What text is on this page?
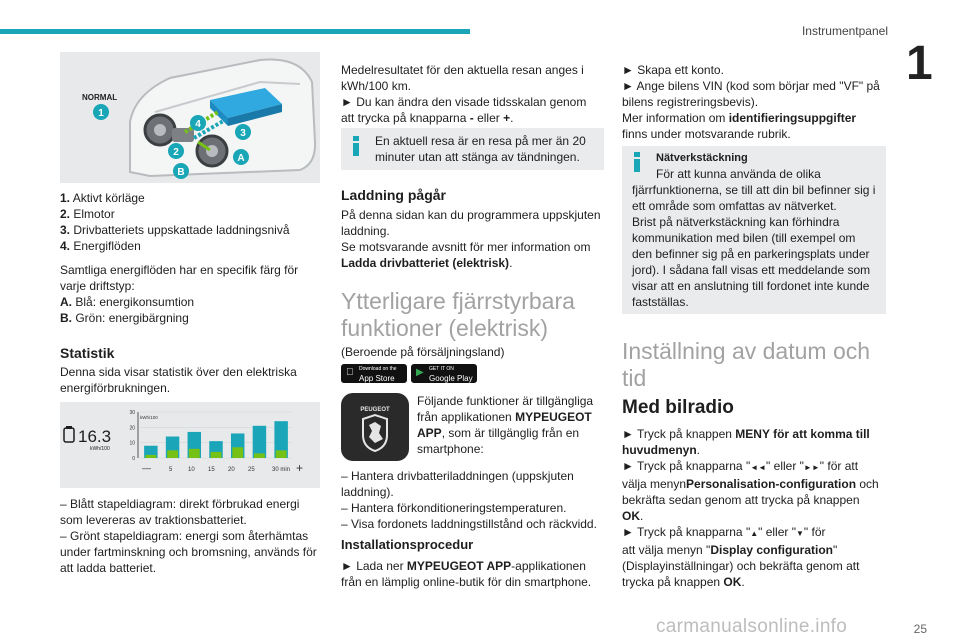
Instrumentpanel
1
NORMAL
1
4
3
2
A
B
1. Aktivt körläge
2. Elmotor
3. Drivbatteriets uppskattade laddningsnivå
4. Energiflöden
Samtliga energiflöden har en specifik färg för
varje driftstyp:
A. Blå: energikonsumtion
B. Grön: energibärgning
Statistik
Denna sida visar statistik över den elektriska
energiförbrukningen.
– Blått stapeldiagram: direkt förbrukad energi
som levereras av traktionsbatteriet.
– Grönt stapeldiagram: energi som återhämtas
under fartminskning och bromsning, används för
att ladda batteriet.
16.3
kWh/100
kWh/100
30
20
10
0
—	+
5	10 15 20 25	30 min
Medelresultatet för den aktuella resan anges i
kWh/100 km.
► Du kan ändra den visade tidsskalan genom
att trycka på knapparna - eller +.
En aktuell resa är en resa på mer än 20
minuter utan att stänga av tändningen.
Laddning pågår
På denna sidan kan du programmera uppskjuten
laddning.
Se motsvarande avsnitt för mer information om
Ladda drivbatteriet (elektrisk).
Ytterligare fjärrstyrbara
funktioner (elektrisk)
(Beroende på försäljningsland)
Följande funktioner är tillgängliga
från applikationen MYPEUGEOT
APP, som är tillgänglig från en
smartphone:
– Hantera drivbatteriladdningen (uppskjuten
laddning).
– Hantera förkonditioneringstemperaturen.
– Visa fordonets laddningstillstånd och räckvidd.
Installationsprocedur
► Lada ner MYPEUGEOT APP-applikationen
från en lämplig online-butik för din smartphone.
Download on the
App Store
▶ GET IT ON
Google Play
PEUGEOT
► Skapa ett konto.
► Ange bilens VIN (kod som börjar med "VF" på
bilens registreringsbevis).
Mer information om identifieringsuppgifter
finns under motsvarande rubrik.
Nätverkstäckning
För att kunna använda de olika
fjärrfunktionerna, se till att din bil befinner sig i
ett område som omfattas av nätverket.
Brist på nätverkstäckning kan förhindra
kommunikation med bilen (till exempel om
den befinner sig på en parkeringsplats under
jord). I sådana fall visas ett meddelande som
visar att en anslutning till fordonet inte kunde
fastställas.
Inställning av datum och
tid
Med bilradio
► Tryck på knappen MENY för att komma till
huvudmenyn.
► Tryck på knapparna "◄◄" eller "►►" för att
välja menynPersonalisation-configuration och
bekräfta sedan genom att trycka på knappen
OK.
► Tryck på knapparna "▲" eller "▼" för
att välja menyn "Display configuration"
(Displayinställningar) och bekräfta genom att
trycka på knappen OK.
carmanualsonline.info	25
